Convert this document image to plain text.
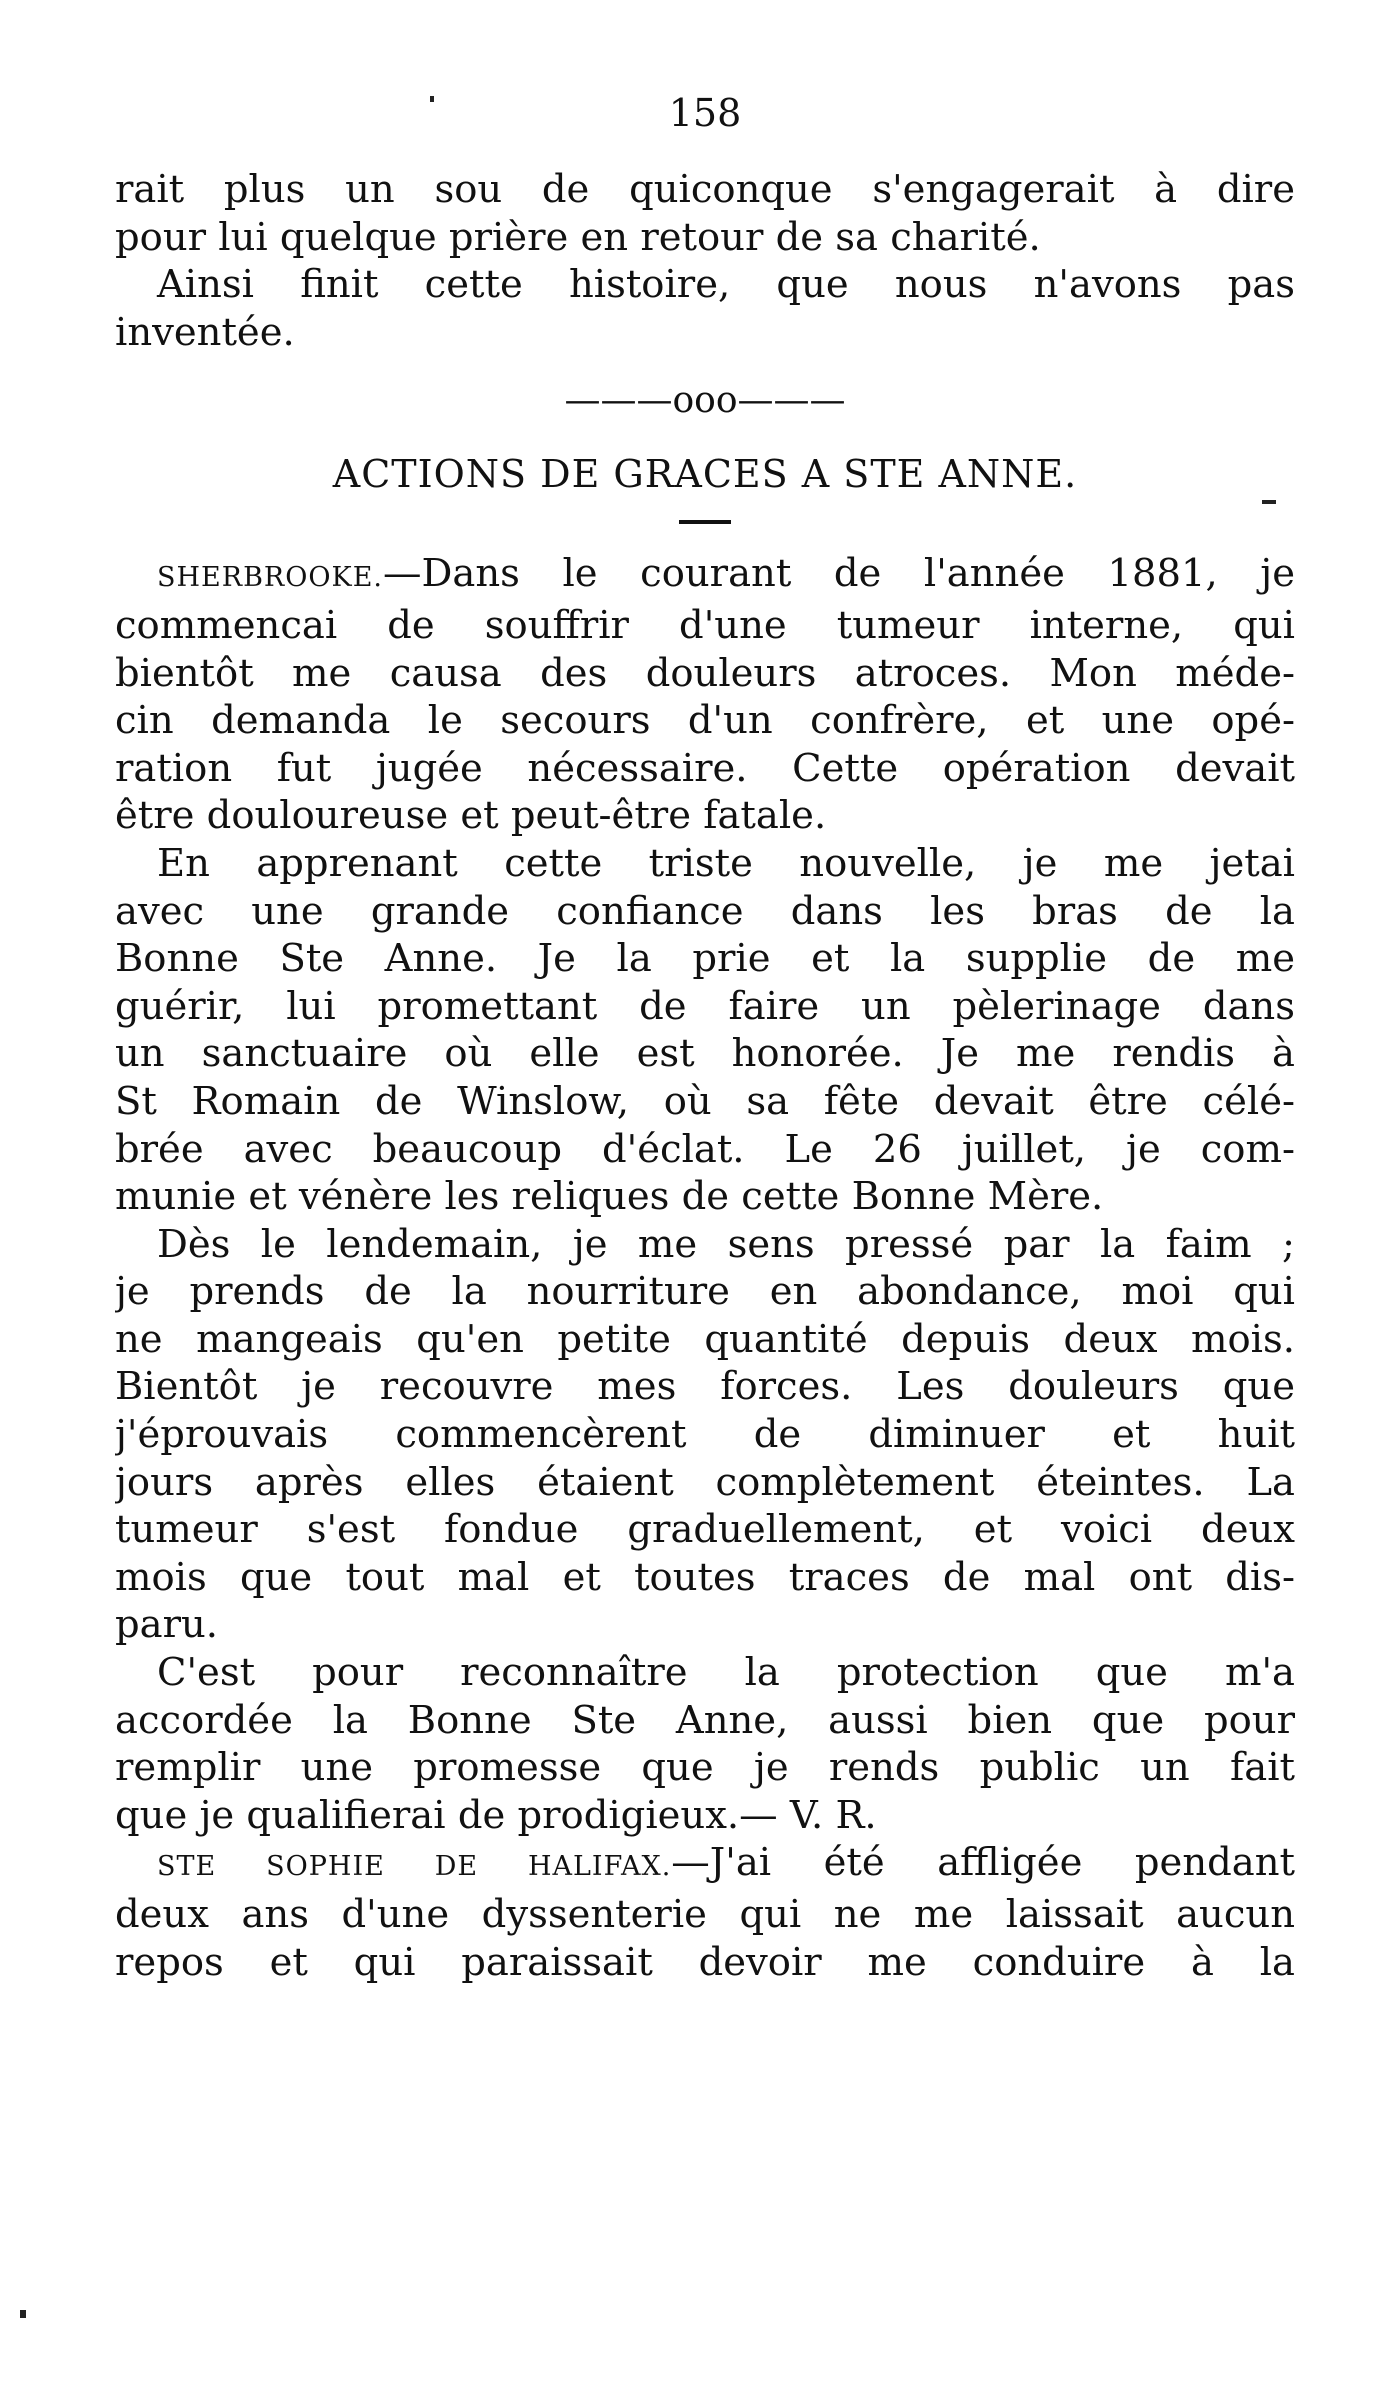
158
rait plus un sou de quiconque s'engagerait à dire
pour lui quelque prière en retour de sa charité.
Ainsi finit cette histoire, que nous n'avons pas
inventée.
———ooo———
ACTIONS DE GRACES A STE ANNE.
SHERBROOKE.—Dans le courant de l'année 1881, je
commencai de souffrir d'une tumeur interne, qui
bientôt me causa des douleurs atroces. Mon méde-
cin demanda le secours d'un confrère, et une opé-
ration fut jugée nécessaire. Cette opération devait
être douloureuse et peut-être fatale.
En apprenant cette triste nouvelle, je me jetai
avec une grande confiance dans les bras de la
Bonne Ste Anne. Je la prie et la supplie de me
guérir, lui promettant de faire un pèlerinage dans
un sanctuaire où elle est honorée. Je me rendis à
St Romain de Winslow, où sa fête devait être célé-
brée avec beaucoup d'éclat. Le 26 juillet, je com-
munie et vénère les reliques de cette Bonne Mère.
Dès le lendemain, je me sens pressé par la faim ;
je prends de la nourriture en abondance, moi qui
ne mangeais qu'en petite quantité depuis deux mois.
Bientôt je recouvre mes forces. Les douleurs que
j'éprouvais commencèrent de diminuer et huit
jours après elles étaient complètement éteintes. La
tumeur s'est fondue graduellement, et voici deux
mois que tout mal et toutes traces de mal ont dis-
paru.
C'est pour reconnaître la protection que m'a
accordée la Bonne Ste Anne, aussi bien que pour
remplir une promesse que je rends public un fait
que je qualifierai de prodigieux.— V. R.
STE SOPHIE DE HALIFAX.—J'ai été affligée pendant
deux ans d'une dyssenterie qui ne me laissait aucun
repos et qui paraissait devoir me conduire à la
